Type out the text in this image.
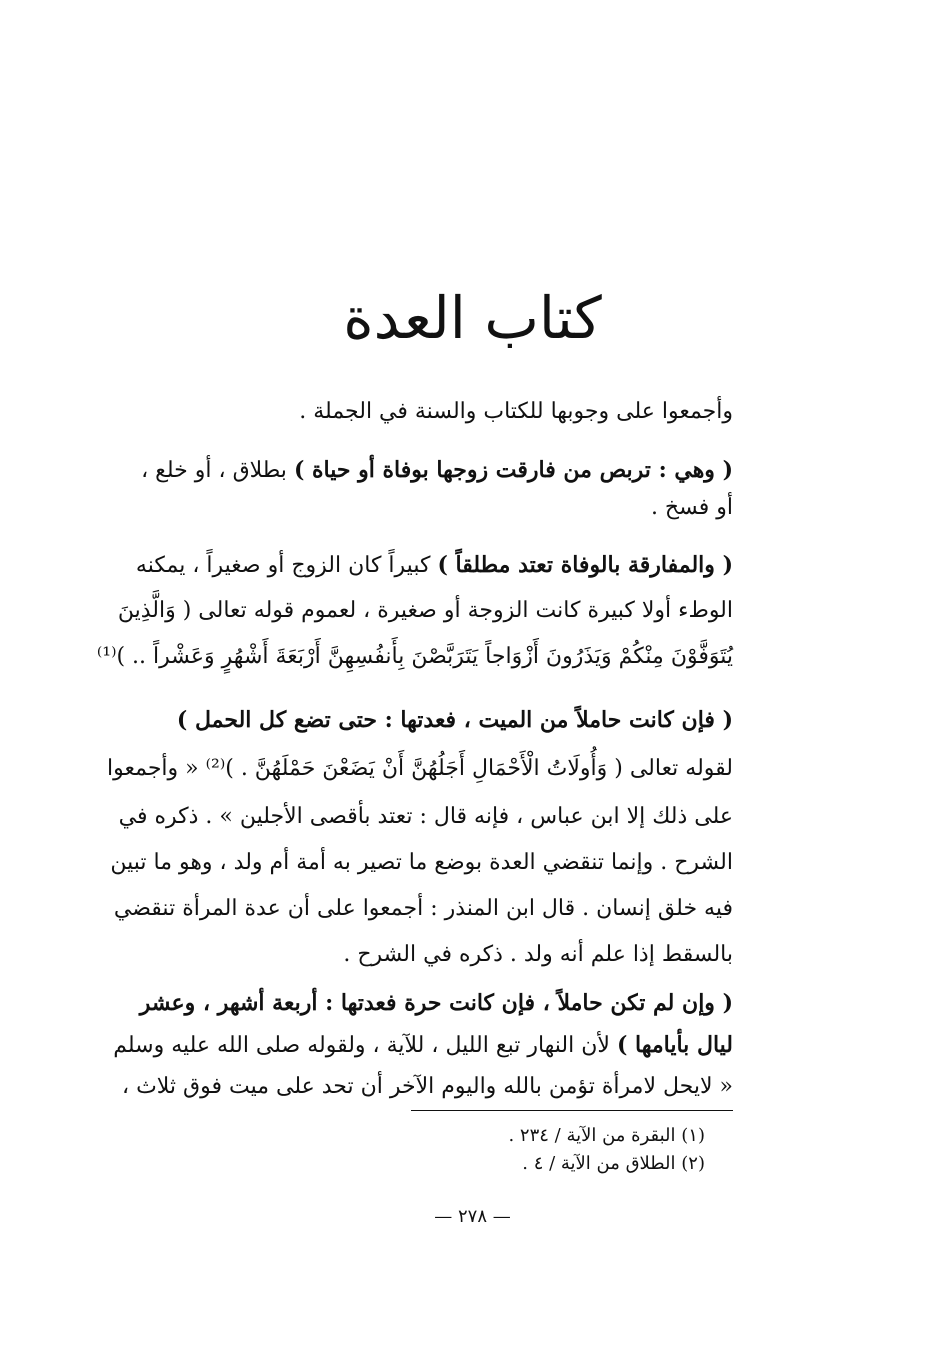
كتاب العدة
وأجمعوا على وجوبها للكتاب والسنة في الجملة .
( وهي : تربص من فارقت زوجها بوفاة أو حياة ) بطلاق ، أو خلع ،
أو فسخ .
( والمفارقة بالوفاة تعتد مطلقاً ) كبيراً كان الزوج أو صغيراً ، يمكنه
الوطء أولا كبيرة كانت الزوجة أو صغيرة ، لعموم قوله تعالى ( وَالَّذِينَ
يُتَوَفَّوْنَ مِنْكُمْ وَيَذَرُونَ أَزْوَاجاً يَتَرَبَّصْنَ بِأَنفُسِهِنَّ أَرْبَعَةَ أَشْهُرٍ وَعَشْراً .. )⁽¹⁾
( فإن كانت حاملاً من الميت ، فعدتها : حتى تضع كل الحمل )
لقوله تعالى ( وَأُولَاتُ الْأَحْمَالِ أَجَلُهُنَّ أَنْ يَضَعْنَ حَمْلَهُنَّ . )⁽²⁾ « وأجمعوا
على ذلك إلا ابن عباس ، فإنه قال : تعتد بأقصى الأجلين » . ذكره في
الشرح . وإنما تنقضي العدة بوضع ما تصير به أمة أم ولد ، وهو ما تبين
فيه خلق إنسان . قال ابن المنذر : أجمعوا على أن عدة المرأة تنقضي
بالسقط إذا علم أنه ولد . ذكره في الشرح .
( وإن لم تكن حاملاً ، فإن كانت حرة فعدتها : أربعة أشهر ، وعشر
ليال بأيامها ) لأن النهار تبع الليل ، للآية ، ولقوله صلى الله عليه وسلم
« لايحل لامرأة تؤمن بالله واليوم الآخر أن تحد على ميت فوق ثلاث ،
(١) البقرة من الآية / ٢٣٤ .
(٢) الطلاق من الآية / ٤ .
— ٢٧٨ —
